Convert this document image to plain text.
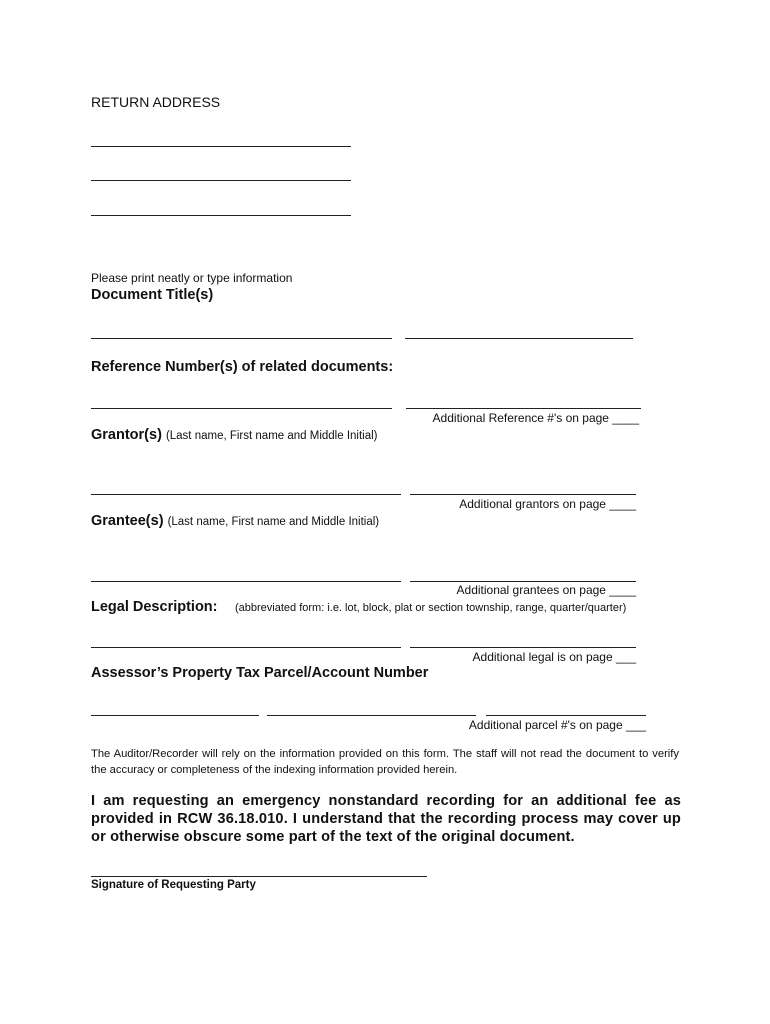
RETURN ADDRESS
Please print neatly or type information
Document Title(s)
Reference Number(s) of related documents:
Additional Reference #'s on page ____
Grantor(s) (Last name, First name and Middle Initial)
Additional grantors on page ____
Grantee(s) (Last name, First name and Middle Initial)
Additional grantees on page ____
Legal Description: (abbreviated form: i.e. lot, block, plat or section township, range, quarter/quarter)
Additional legal is on page ___
Assessor’s Property Tax Parcel/Account Number
Additional parcel #'s on page ___
The Auditor/Recorder will rely on the information provided on this form. The staff will not read the document to verify the accuracy or completeness of the indexing information provided herein.
I am requesting an emergency nonstandard recording for an additional fee as provided in RCW 36.18.010. I understand that the recording process may cover up or otherwise obscure some part of the text of the original document.
Signature of Requesting Party
